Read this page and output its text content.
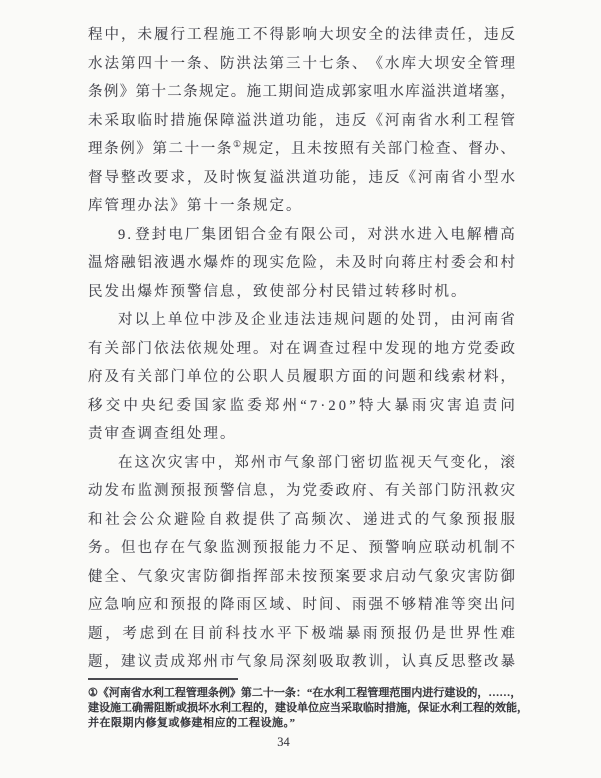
程 中 ， 未 履 行 工 程 施 工 不 得 影 响 大 坝 安 全 的 法 律 责 任 ， 违 反
水 法 第 四 十 一 条 、 防 洪 法 第 三 十 七 条 、 《 水 库 大 坝 安 全 管 理
条 例 》 第 十 二 条 规 定 。 施 工 期 间 造 成 郭 家 咀 水 库 溢 洪 道 堵 塞 ，
未 采 取 临 时 措 施 保 障 溢 洪 道 功 能 ， 违 反 《 河 南 省 水 利 工 程 管
理 条 例 》 第 二 十 一 条 ① 规 定 ， 且 未 按 照 有 关 部 门 检 查 、 督 办 、
督 导 整 改 要 求 ， 及 时 恢 复 溢 洪 道 功 能 ， 违 反 《 河 南 省 小 型 水
库管理办法》第十一条规定。
9 . 登 封 电 厂 集 团 铝 合 金 有 限 公 司 ， 对 洪 水 进 入 电 解 槽 高
温 熔 融 铝 液 遇 水 爆 炸 的 现 实 危 险 ， 未 及 时 向 蒋 庄 村 委 会 和 村
民发出爆炸预警信息，致使部分村民错过转移时机。
对 以 上 单 位 中 涉 及 企 业 违 法 违 规 问 题 的 处 罚 ， 由 河 南 省
有 关 部 门 依 法 依 规 处 理 。 对 在 调 查 过 程 中 发 现 的 地 方 党 委 政
府 及 有 关 部 门 单 位 的 公 职 人 员 履 职 方 面 的 问 题 和 线 索 材 料 ，
移 交 中 央 纪 委 国 家 监 委 郑 州 “ 7 · 2 0 ” 特 大 暴 雨 灾 害 追 责 问
责审查调查组处理。
在 这 次 灾 害 中 ， 郑 州 市 气 象 部 门 密 切 监 视 天 气 变 化 ， 滚
动 发 布 监 测 预 报 预 警 信 息 ， 为 党 委 政 府 、 有 关 部 门 防 汛 救 灾
和 社 会 公 众 避 险 自 救 提 供 了 高 频 次 、 递 进 式 的 气 象 预 报 服
务 。 但 也 存 在 气 象 监 测 预 报 能 力 不 足 、 预 警 响 应 联 动 机 制 不
健 全 、 气 象 灾 害 防 御 指 挥 部 未 按 预 案 要 求 启 动 气 象 灾 害 防 御
应 急 响 应 和 预 报 的 降 雨 区 域 、 时 间 、 雨 强 不 够 精 准 等 突 出 问
题 ， 考 虑 到 在 目 前 科 技 水 平 下 极 端 暴 雨 预 报 仍 是 世 界 性 难
题 ， 建 议 责 成 郑 州 市 气 象 局 深 刻 吸 取 教 训 ， 认 真 反 思 整 改 暴
① 《 河 南 省 水 利 工 程 管 理 条 例 》 第 二 十 一 条 ： “ 在 水 利 工 程 管 理 范 围 内 进 行 建 设 的 ， … … ，
建 设 施 工 确 需 阻 断 或 损 坏 水 利 工 程 的 ， 建 设 单 位 应 当 采 取 临 时 措 施 ， 保 证 水 利 工 程 的 效 能 ，
并在限期内修复或修建相应的工程设施。”
34
